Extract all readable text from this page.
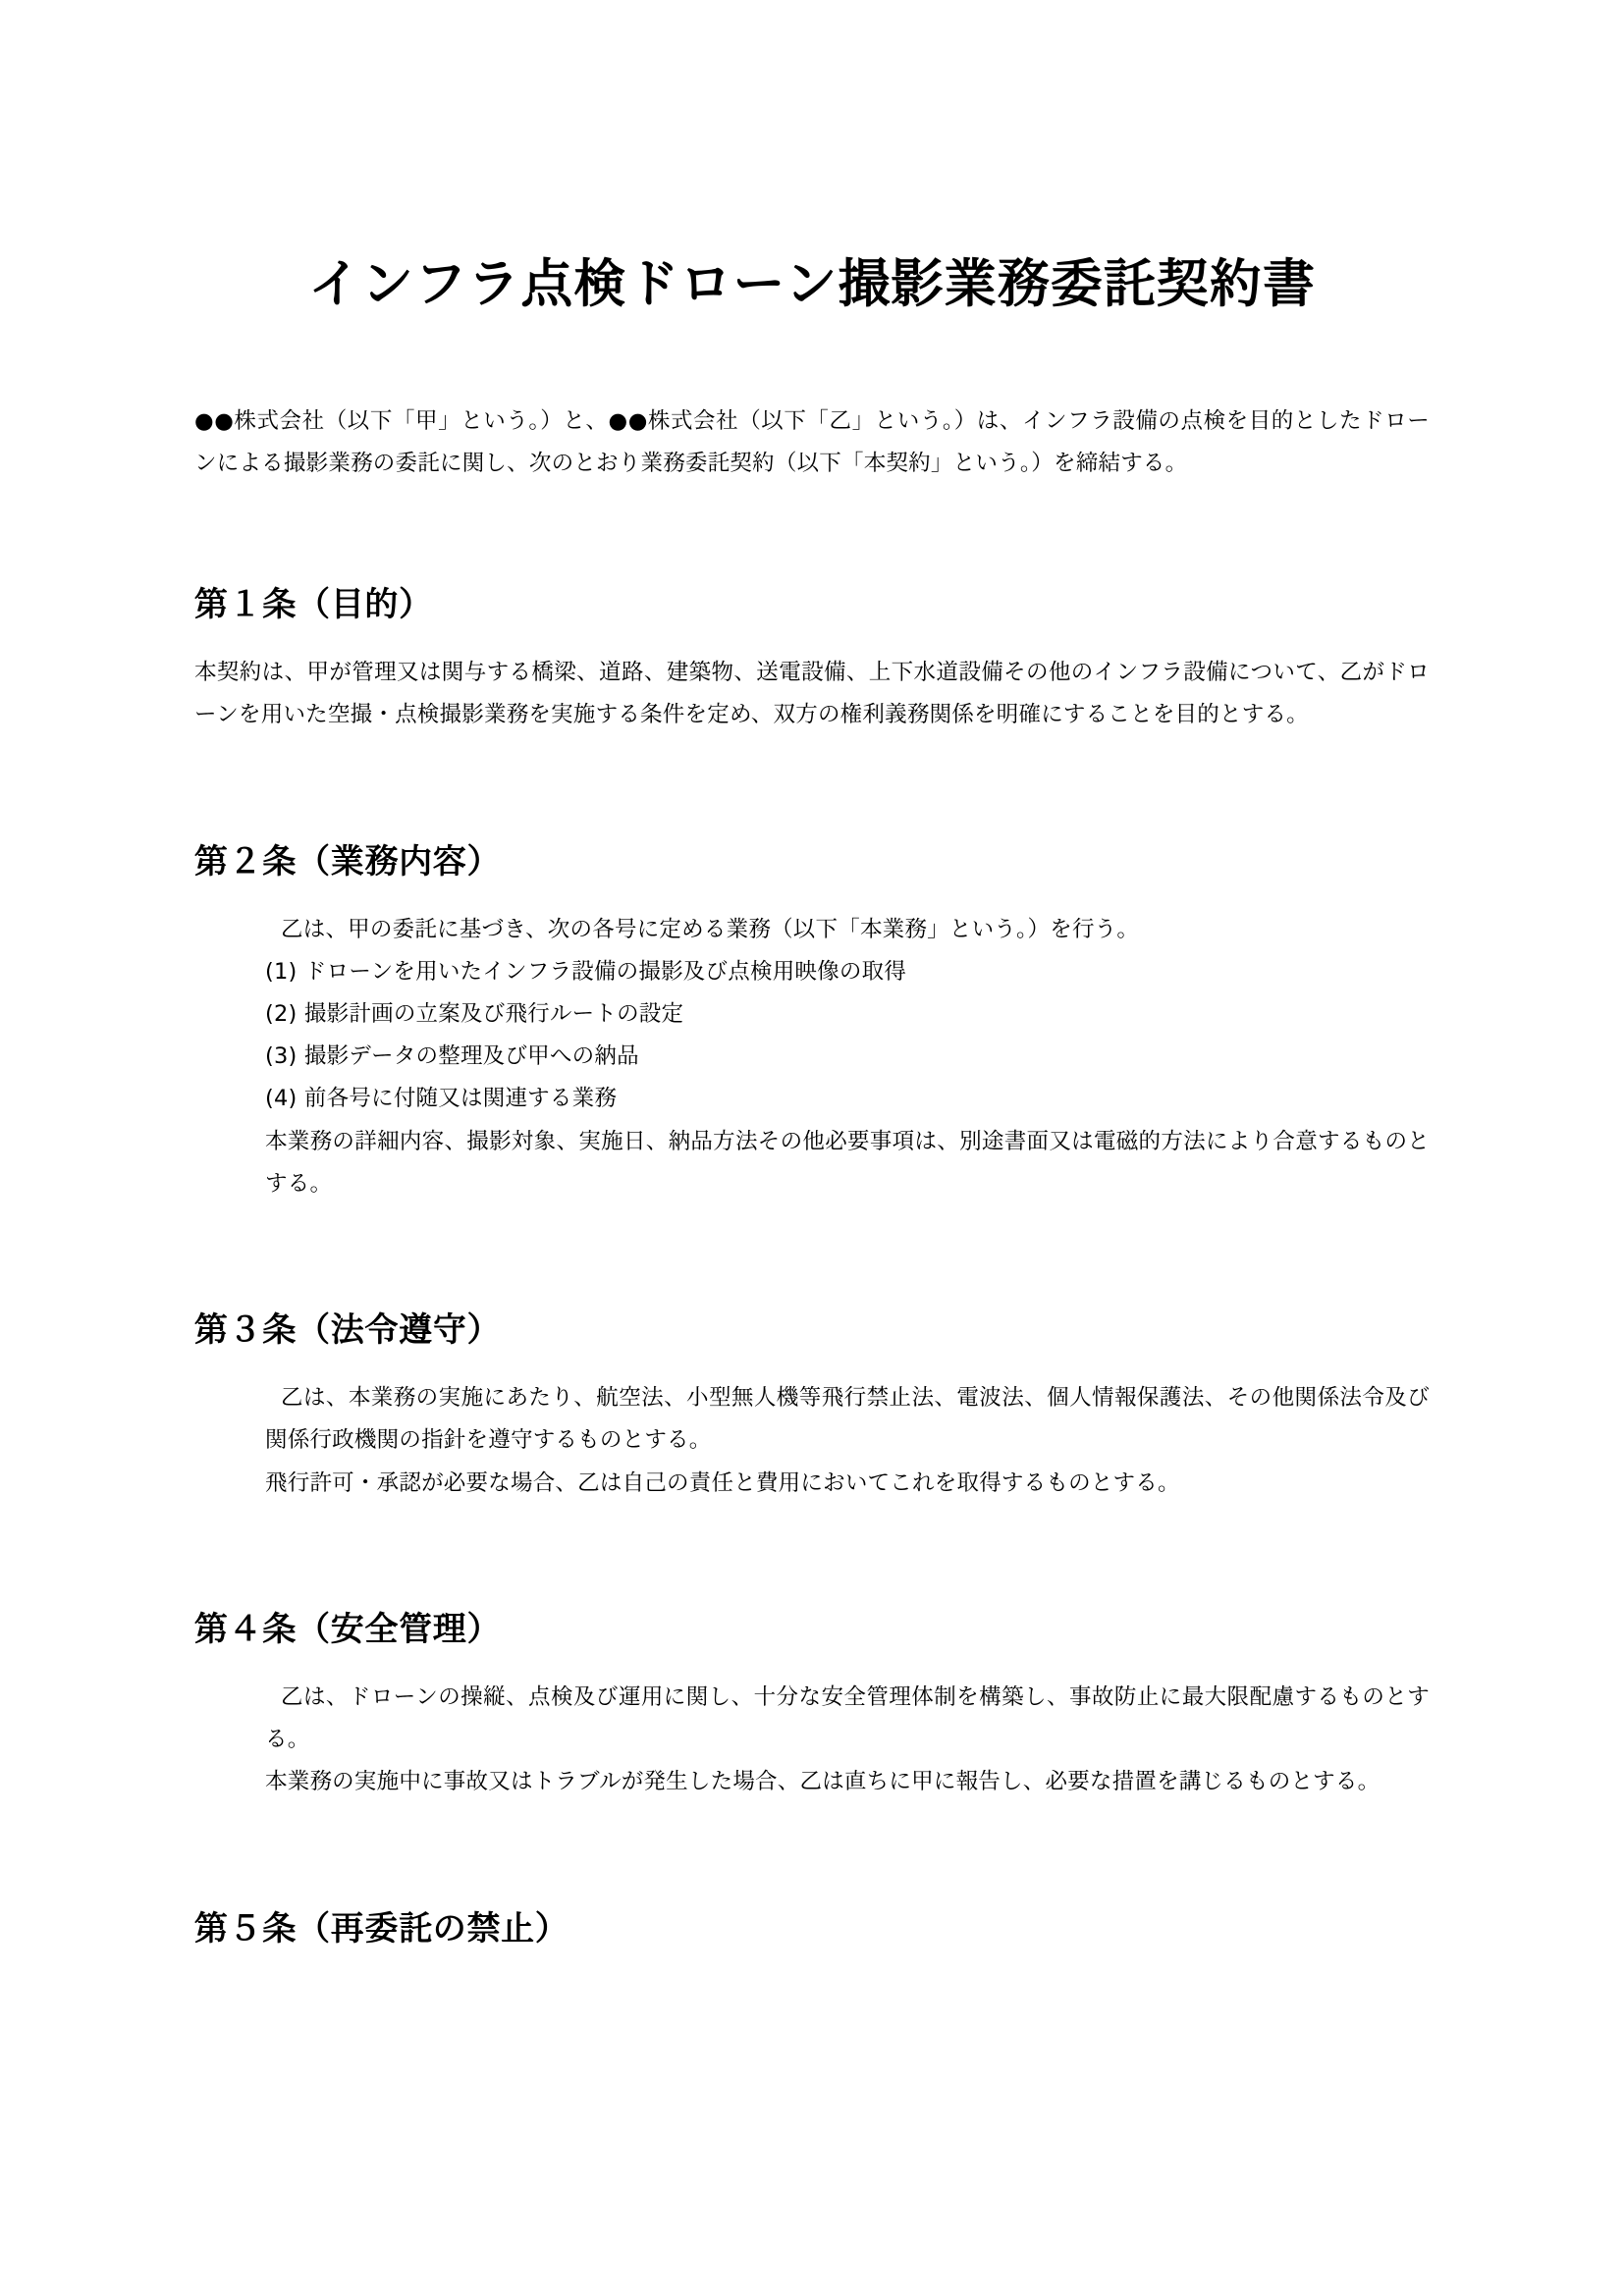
インフラ点検ドローン撮影業務委託契約書

●●株式会社（以下「甲」という。）と、●●株式会社（以下「乙」という。）は、インフラ設備の点検を目的としたドローンによる撮影業務の委託に関し、次のとおり業務委託契約（以下「本契約」という。）を締結する。

第１条（目的）

本契約は、甲が管理又は関与する橋梁、道路、建築物、送電設備、上下水道設備その他のインフラ設備について、乙がドローンを用いた空撮・点検撮影業務を実施する条件を定め、双方の権利義務関係を明確にすることを目的とする。

第２条（業務内容）

乙は、甲の委託に基づき、次の各号に定める業務（以下「本業務」という。）を行う。

(1) ドローンを用いたインフラ設備の撮影及び点検用映像の取得

(2) 撮影計画の立案及び飛行ルートの設定

(3) 撮影データの整理及び甲への納品

(4) 前各号に付随又は関連する業務

本業務の詳細内容、撮影対象、実施日、納品方法その他必要事項は、別途書面又は電磁的方法により合意するものとする。

第３条（法令遵守）

乙は、本業務の実施にあたり、航空法、小型無人機等飛行禁止法、電波法、個人情報保護法、その他関係法令及び関係行政機関の指針を遵守するものとする。

飛行許可・承認が必要な場合、乙は自己の責任と費用においてこれを取得するものとする。

第４条（安全管理）

乙は、ドローンの操縦、点検及び運用に関し、十分な安全管理体制を構築し、事故防止に最大限配慮するものとする。

本業務の実施中に事故又はトラブルが発生した場合、乙は直ちに甲に報告し、必要な措置を講じるものとする。

第５条（再委託の禁止）
